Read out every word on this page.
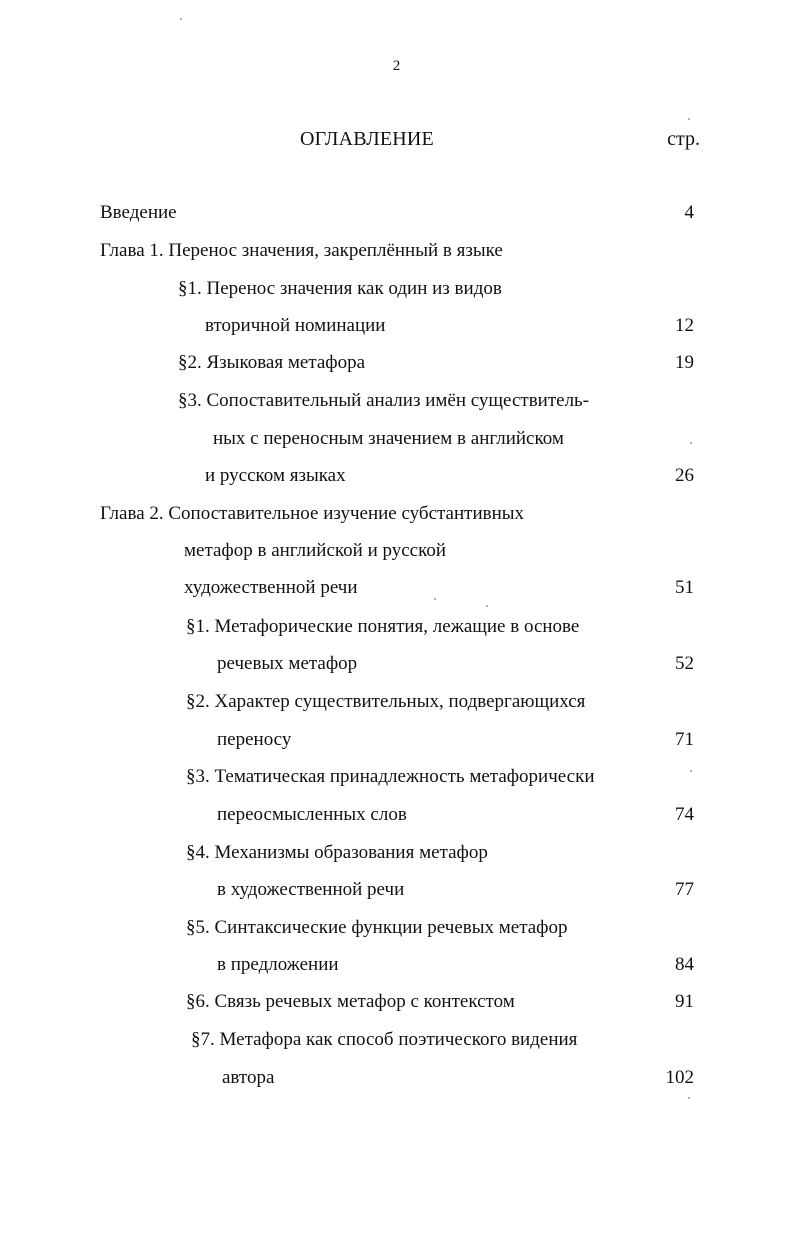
2
ОГЛАВЛЕНИЕ	стр.
Введение	4
Глава 1. Перенос значения, закреплённый в языке
§1. Перенос значения как один из видов
вторичной номинации	12
§2. Языковая метафора	19
§3. Сопоставительный анализ имён существитель-
ных с переносным значением в английском
и русском языках	26
Глава 2. Сопоставительное изучение субстантивных
метафор в английской и русской
художественной речи	51
§1. Метафорические понятия, лежащие в основе
речевых метафор	52
§2. Характер существительных, подвергающихся
переносу	71
§3. Тематическая принадлежность метафорически
переосмысленных слов	74
§4. Механизмы образования метафор
в художественной речи	77
§5. Синтаксические функции речевых метафор
в предложении	84
§6. Связь речевых метафор с контекстом	91
§7. Метафора как способ поэтического видения
автора	102
